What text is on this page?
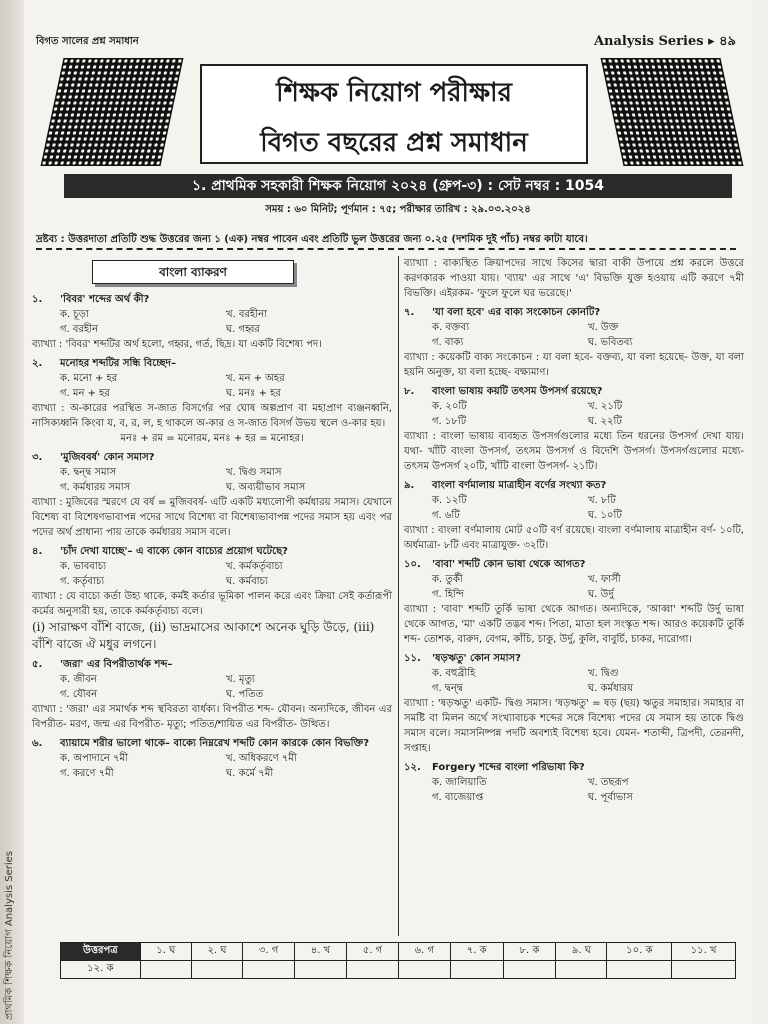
প্রাথমিক শিক্ষক নিয়োগ Analysis Series
বিগত সালের প্রশ্ন সমাধান	Analysis Series ▸ ৪৯
শিক্ষক নিয়োগ পরীক্ষার
বিগত বছরের প্রশ্ন সমাধান
১. প্রাথমিক সহকারী শিক্ষক নিয়োগ ২০২৪ (গ্রুপ-৩) : সেট নম্বর : 1054
সময় : ৬০ মিনিট; পূর্ণমান : ৭৫; পরীক্ষার তারিখ : ২৯.০৩.২০২৪
দ্রষ্টব্য : উত্তরদাতা প্রতিটি শুদ্ধ উত্তরের জন্য ১ (এক) নম্বর পাবেন এবং প্রতিটি ভুল উত্তরের জন্য ০.২৫ (দশমিক দুই পাঁচ) নম্বর কাটা যাবে।
বাংলা ব্যাকরণ
১.	'বিবর' শব্দের অর্থ কী?
ক. চূড়া	খ. বরহীনা
গ. বরহীন	ঘ. গহ্বর
ব্যাখ্যা : 'বিবর' শব্দটির অর্থ হলো, গহ্বর, গর্ত, ছিদ্র। যা একটি বিশেষ্য পদ।
২.	মনোহর শব্দটির সন্ধি বিচ্ছেদ–
ক. মনো + হর	খ. মন + অহর
গ. মন + হর	ঘ. মনঃ + হর
ব্যাখ্যা : অ-কারের পরস্থিত স-জাত বিসর্গের পর ঘোষ অল্পপ্রাণ বা মহাপ্রাণ ব্যঞ্জনধ্বনি, নাসিক্যধ্বনি কিংবা য, ব, র, ল, হ থাকলে অ-কার ও স-জাত বিসর্গ উভয় স্থলে ও-কার হয়।
মনঃ + রম = মনোরম, মনঃ + হর = মনোহর।
৩.	'মুজিববর্ষ' কোন সমাস?
ক. দ্বন্দ্ব সমাস	খ. দ্বিগু সমাস
গ. কর্মধারয় সমাস	ঘ. অব্যয়ীভাব সমাস
ব্যাখ্যা : মুজিবের স্মরণে যে বর্ষ = মুজিববর্ষ- এটি একটি মধ্যলোপী কর্মধারয় সমাস। যেখানে বিশেষ্য বা বিশেষণভাবাপন্ন পদের সাথে বিশেষ্য বা বিশেষ্যভাবাপন্ন পদের সমাস হয় এবং পর পদের অর্থ প্রাধান্য পায় তাকে কর্মধারয় সমাস বলে।
৪.	'চাঁদ দেখা যাচ্ছে'– এ বাক্যে কোন বাচ্যের প্রয়োগ ঘটেছে?
ক. ভাববাচ্য	খ. কর্মকর্তৃবাচ্য
গ. কর্তৃবাচ্য	ঘ. কর্মবাচ্য
ব্যাখ্যা : যে বাচ্যে কর্তা উহ্য থাকে, কর্মই কর্তার ভূমিকা পালন করে এবং ক্রিয়া সেই কর্তারূপী কর্মের অনুসারী হয়, তাকে কর্মকর্তৃবাচ্য বলে।
(i) সারাক্ষণ বাঁশি বাজে, (ii) ভাদ্রমাসের আকাশে অনেক ঘুড়ি উড়ে, (iii) বাঁশি বাজে ঐ মধুর লগনে।
৫.	'জরা' এর বিপরীতার্থক শব্দ–
ক. জীবন	খ. মৃত্যু
গ. যৌবন	ঘ. পতিত
ব্যাখ্যা : 'জরা' এর সমার্থক শব্দ স্থবিরতা বার্ধক্য। বিপরীত শব্দ- যৌবন। অন্যদিকে, জীবন এর বিপরীত- মরণ, জন্ম এর বিপরীত- মৃত্যু; পতিত/শায়িত এর বিপরীত- উত্থিত।
৬.	ব্যায়ামে শরীর ভালো থাকে– বাক্যে নিম্নরেখ শব্দটি কোন কারকে কোন বিভক্তি?
ক. অপাদানে ৭মী	খ. অধিকরণে ৭মী
গ. করণে ৭মী	ঘ. কর্মে ৭মী
ব্যাখ্যা : বাক্যস্থিত ক্রিয়াপদের সাথে কিসের দ্বারা বাকী উপায়ে প্রশ্ন করলে উত্তরে করণকারক পাওয়া যায়। 'ব্যায়' এর সাথে 'এ' বিভক্তি যুক্ত হওয়ায় এটি করণে ৭মী বিভক্তি। এইরকম- 'ফুলে ফুলে ঘর ভরেছে।'
৭.	'যা বলা হবে' এর বাক্য সংকোচন কোনটি?
ক. বক্তব্য	খ. উক্ত
গ. বাক্য	ঘ. ভবিতব্য
ব্যাখ্যা : কয়েকটি বাক্য সংকোচন : যা বলা হবে- বক্তব্য, যা বলা হয়েছে- উক্ত, যা বলা হয়নি অনুক্ত, যা বলা হচ্ছে- বক্ষ্যমাণ।
৮.	বাংলা ভাষায় কয়টি তৎসম উপসর্গ রয়েছে?
ক. ২০টি	খ. ২১টি
গ. ১৮টি	ঘ. ২২টি
ব্যাখ্যা : বাংলা ভাষায় ব্যবহৃত উপসর্গগুলোর মধ্যে তিন ধরনের উপসর্গ দেখা যায়। যথা- খাঁটি বাংলা উপসর্গ, তৎসম উপসর্গ ও বিদেশি উপসর্গ। উপসর্গগুলোর মধ্যে- তৎসম উপসর্গ ২০টি, খাঁটি বাংলা উপসর্গ- ২১টি।
৯.	বাংলা বর্ণমালায় মাত্রাহীন বর্ণের সংখ্যা কত?
ক. ১২টি	খ. ৮টি
গ. ৬টি	ঘ. ১০টি
ব্যাখ্যা : বাংলা বর্ণমালায় মোট ৫০টি বর্ণ রয়েছে। বাংলা বর্ণমালায় মাত্রাহীন বর্ণ- ১০টি, অর্ধমাত্রা- ৮টি এবং মাত্রাযুক্ত- ৩২টি।
১০.	'বাবা' শব্দটি কোন ভাষা থেকে আগত?
ক. তুর্কী	খ. ফার্সী
গ. হিন্দি	ঘ. উর্দু
ব্যাখ্যা : 'বাবা' শব্দটি তুর্কি ভাষা থেকে আগত। অন্যদিকে, 'আব্বা' শব্দটি উর্দু ভাষা থেকে আগত, 'মা' একটি তদ্ভব শব্দ। পিতা, মাতা হল সংস্কৃত শব্দ। আরও কয়েকটি তুর্কি শব্দ- তোশক, বারুদ, বেগম, কাঁচি, চাকু, উর্দু, কুলি, বাবুর্চি, চাকর, দারোগা।
১১.	'ষড়ঋতু' কোন সমাস?
ক. বহুব্রীহি	খ. দ্বিগু
গ. দ্বন্দ্ব	ঘ. কর্মধারয়
ব্যাখ্যা : 'ষড়ঋতু' একটি- দ্বিগু সমাস। 'ষড়ঋতু' = ষড় (ছয়) ঋতুর সমাহার। সমাহার বা সমষ্টি বা মিলন অর্থে সংখ্যাবাচক শব্দের সঙ্গে বিশেষ্য পদের যে সমাস হয় তাকে দ্বিগু সমাস বলে। সমাসনিষ্পন্ন পদটি অবশ্যই বিশেষ্য হবে। যেমন- শতাব্দী, ত্রিপদী, তেরনদী, সপ্তাহ।
১২.	Forgery শব্দের বাংলা পরিভাষা কি?
ক. জালিয়াতি	খ. তছরূপ
গ. বাজেয়াপ্ত	ঘ. পূর্বাভাস
উত্তরপত্র	১. ঘ	২. ঘ	৩. গ	৪. খ	৫. গ	৬. গ	৭. ক	৮. ক	৯. ঘ	১০. ক	১১. খ
১২. ক											
